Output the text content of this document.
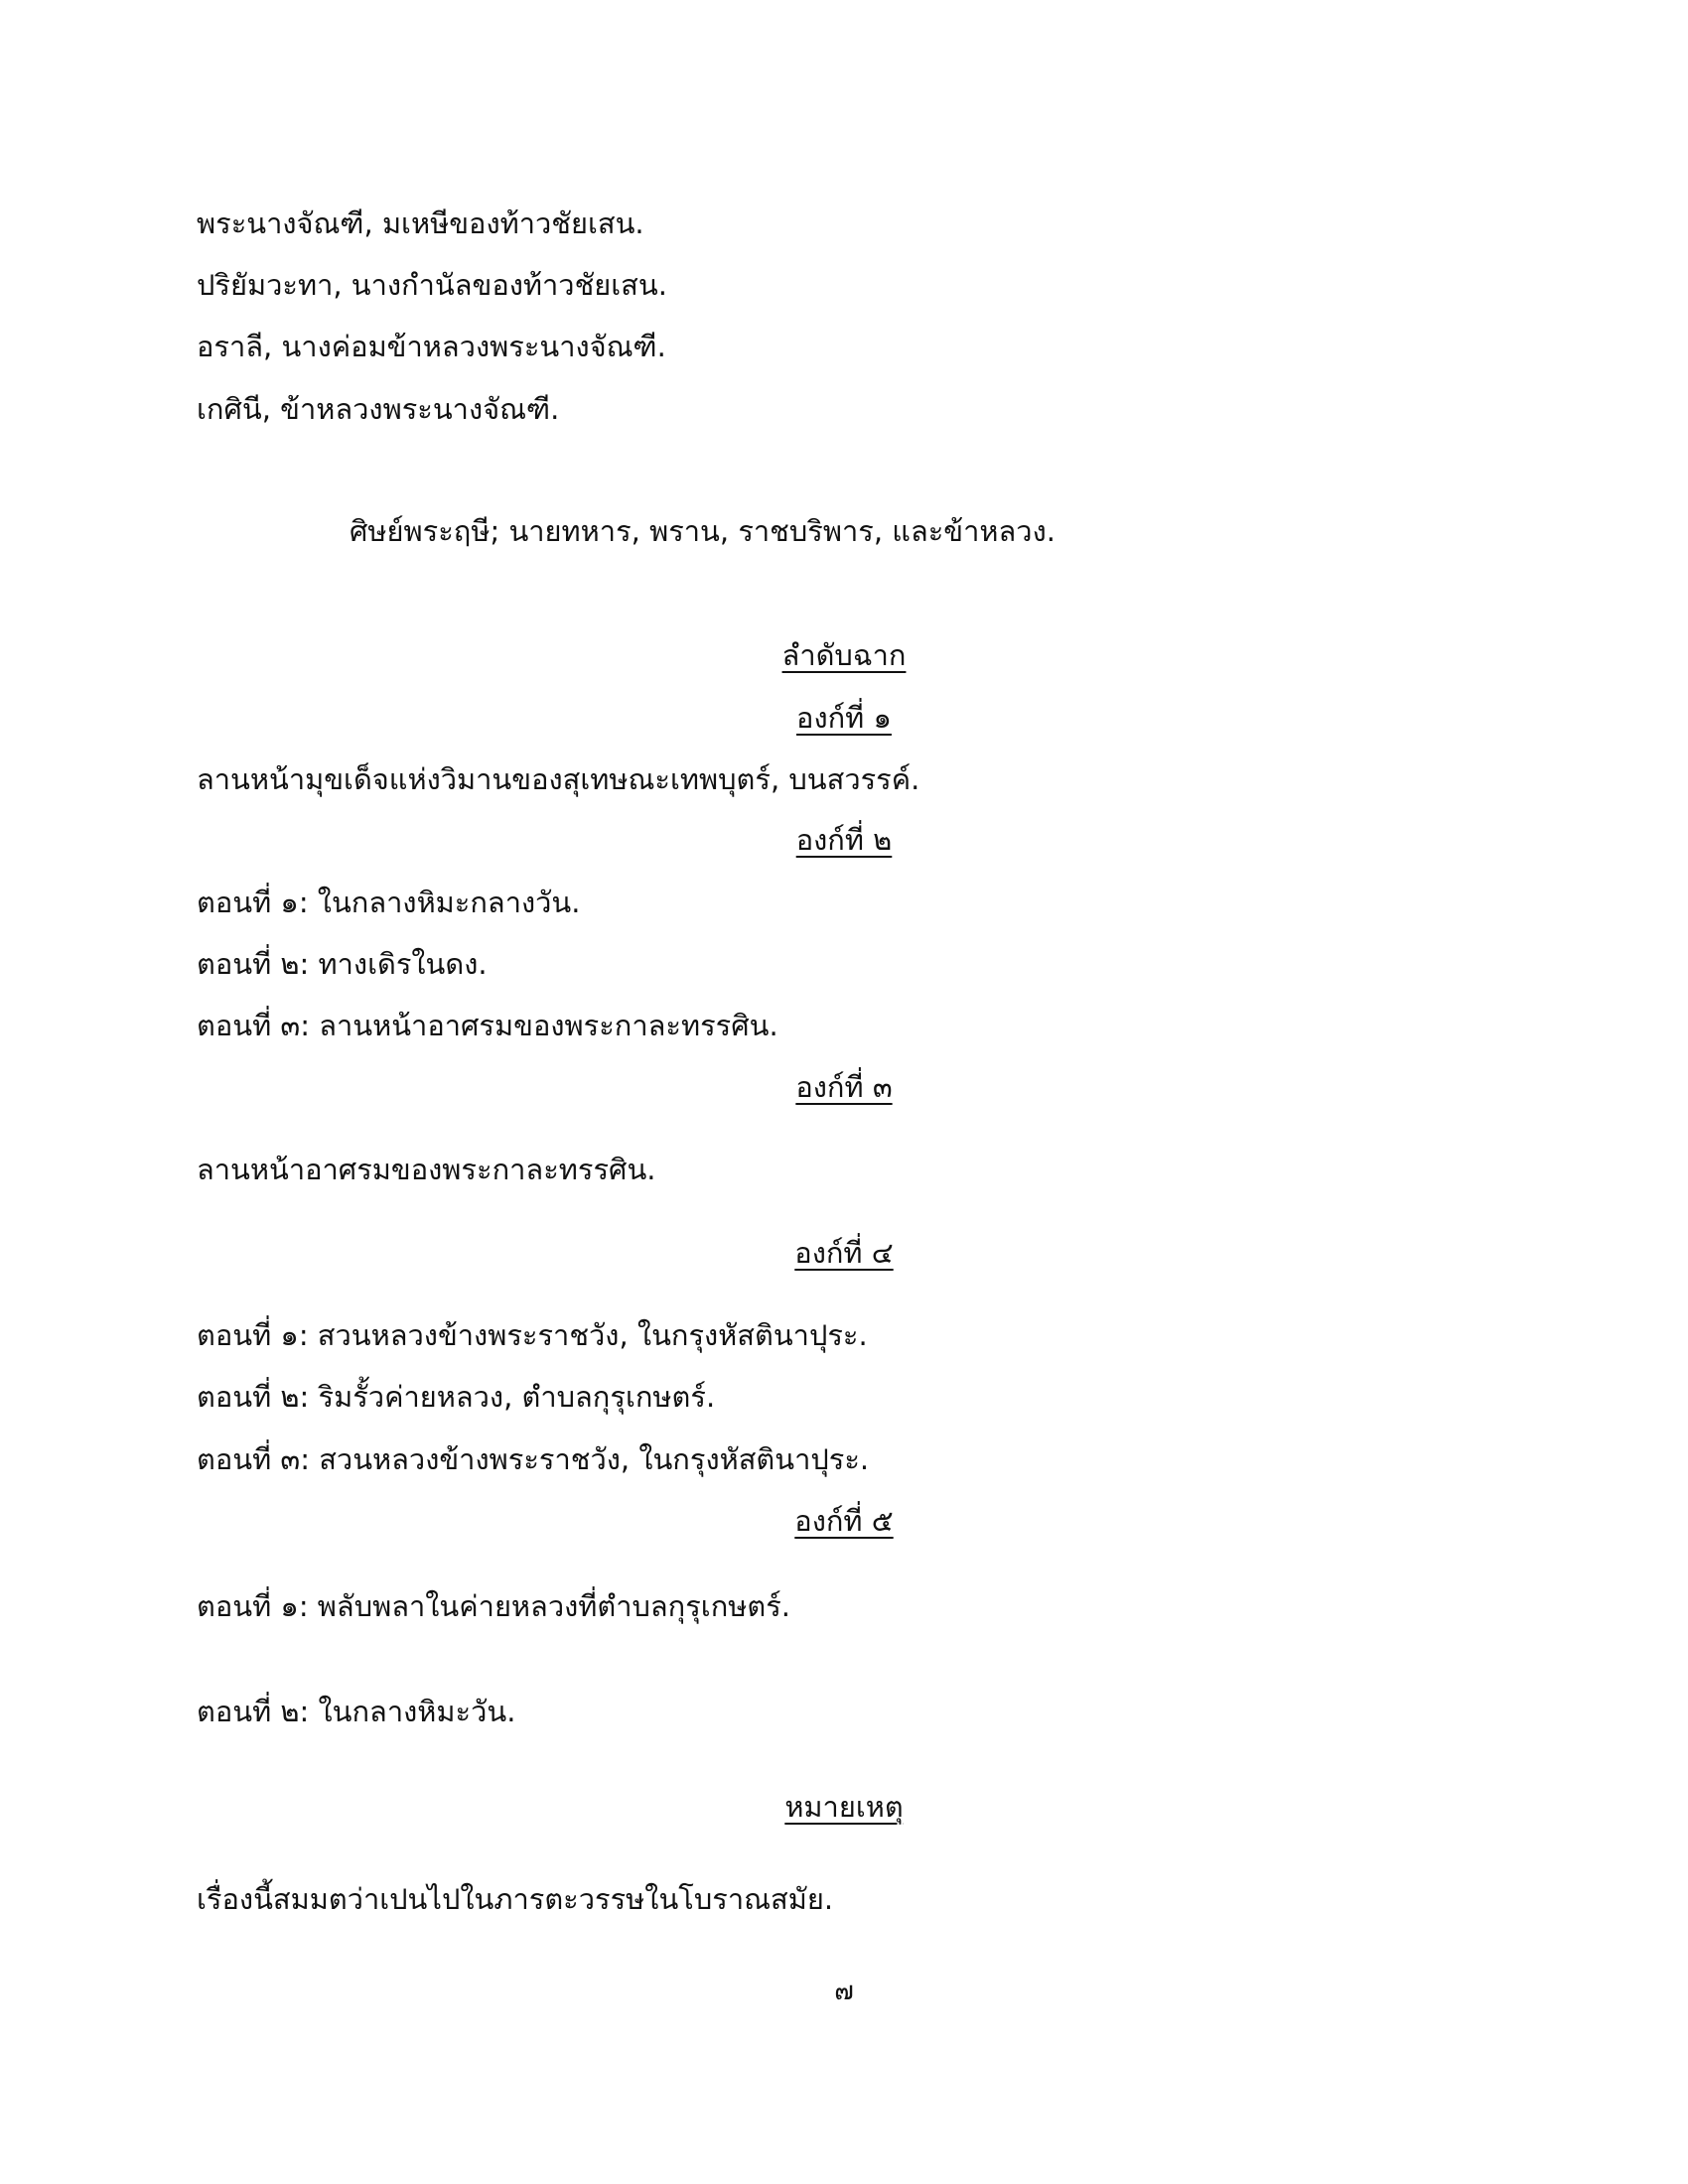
พระนางจัณฑี, มเหษีของท้าวชัยเสน.
ปริยัมวะทา, นางกำนัลของท้าวชัยเสน.
อราลี, นางค่อมข้าหลวงพระนางจัณฑี.
เกศินี, ข้าหลวงพระนางจัณฑี.
ศิษย์พระฤษี; นายทหาร, พราน, ราชบริพาร, และข้าหลวง.
ลำดับฉาก
องก์ที่ ๑
ลานหน้ามุขเด็จแห่งวิมานของสุเทษณะเทพบุตร์, บนสวรรค์.
องก์ที่ ๒
ตอนที่ ๑: ในกลางหิมะกลางวัน.
ตอนที่ ๒: ทางเดิรในดง.
ตอนที่ ๓: ลานหน้าอาศรมของพระกาละทรรศิน.
องก์ที่ ๓
ลานหน้าอาศรมของพระกาละทรรศิน.
องก์ที่ ๔
ตอนที่ ๑: สวนหลวงข้างพระราชวัง, ในกรุงหัสตินาปุระ.
ตอนที่ ๒: ริมรั้วค่ายหลวง, ตำบลกุรุเกษตร์.
ตอนที่ ๓: สวนหลวงข้างพระราชวัง, ในกรุงหัสตินาปุระ.
องก์ที่ ๕
ตอนที่ ๑: พลับพลาในค่ายหลวงที่ตำบลกุรุเกษตร์.
ตอนที่ ๒: ในกลางหิมะวัน.
หมายเหตุ
เรื่องนี้สมมตว่าเปนไปในภารตะวรรษในโบราณสมัย.
๗
